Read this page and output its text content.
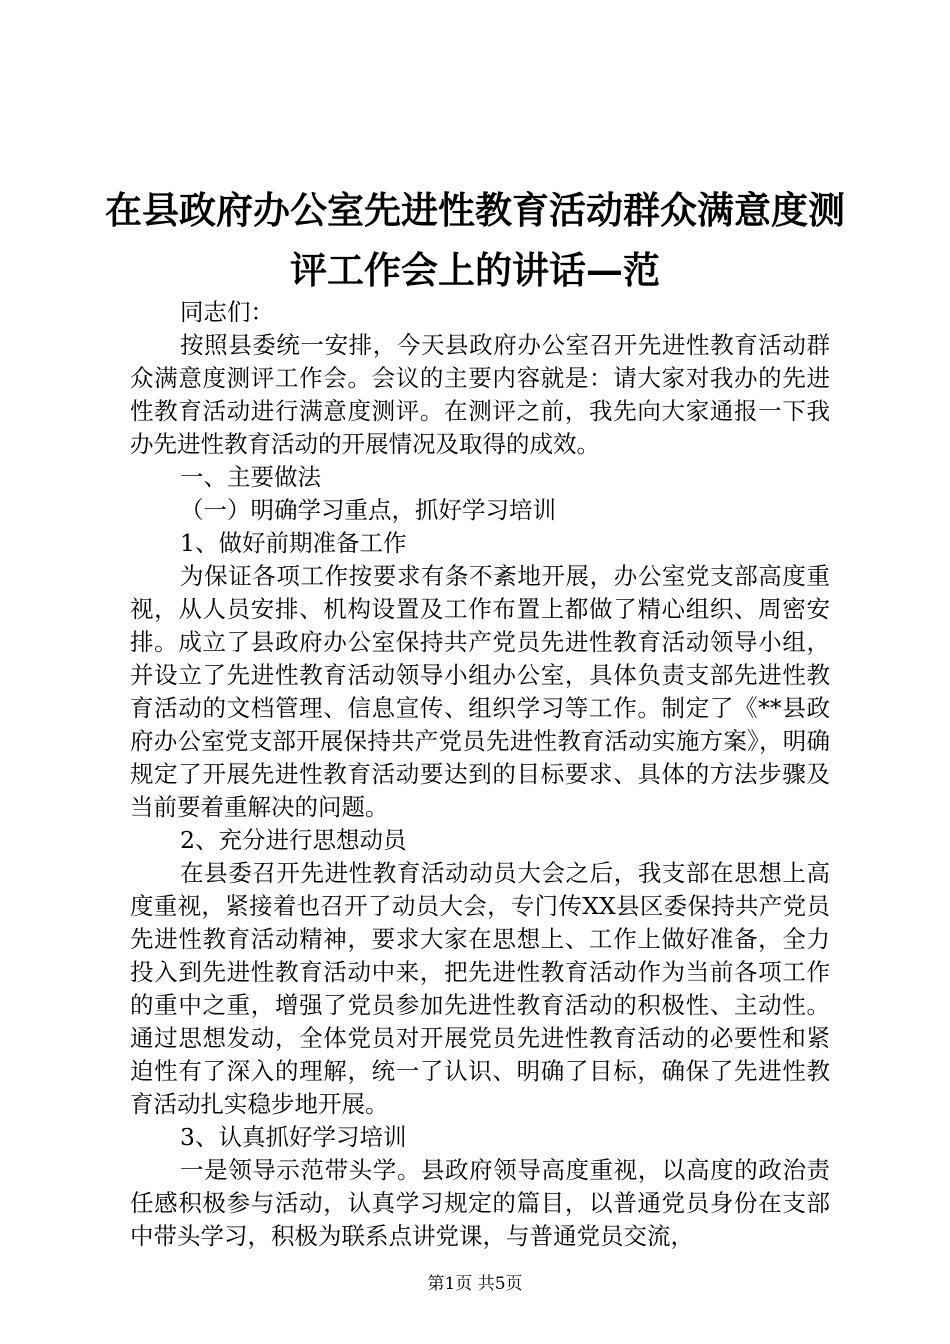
在县政府办公室先进性教育活动群众满意度测
评工作会上的讲话—范

同志们：

按照县委统一安排，今天县政府办公室召开先进性教育活动群众满意度测评工作会。会议的主要内容就是：请大家对我办的先进性教育活动进行满意度测评。在测评之前，我先向大家通报一下我办先进性教育活动的开展情况及取得的成效。

一、主要做法

（一）明确学习重点，抓好学习培训

1、做好前期准备工作

为保证各项工作按要求有条不紊地开展，办公室党支部高度重视，从人员安排、机构设置及工作布置上都做了精心组织、周密安排。成立了县政府办公室保持共产党员先进性教育活动领导小组，并设立了先进性教育活动领导小组办公室，具体负责支部先进性教育活动的文档管理、信息宣传、组织学习等工作。制定了《**县政府办公室党支部开展保持共产党员先进性教育活动实施方案》，明确规定了开展先进性教育活动要达到的目标要求、具体的方法步骤及当前要着重解决的问题。

2、充分进行思想动员

在县委召开先进性教育活动动员大会之后，我支部在思想上高度重视，紧接着也召开了动员大会，专门传XX县区委保持共产党员先进性教育活动精神，要求大家在思想上、工作上做好准备，全力投入到先进性教育活动中来，把先进性教育活动作为当前各项工作的重中之重，增强了党员参加先进性教育活动的积极性、主动性。通过思想发动，全体党员对开展党员先进性教育活动的必要性和紧迫性有了深入的理解，统一了认识、明确了目标，确保了先进性教育活动扎实稳步地开展。

3、认真抓好学习培训

一是领导示范带头学。县政府领导高度重视，以高度的政治责任感积极参与活动，认真学习规定的篇目，以普通党员身份在支部中带头学习，积极为联系点讲党课，与普通党员交流，

第1页 共5页
